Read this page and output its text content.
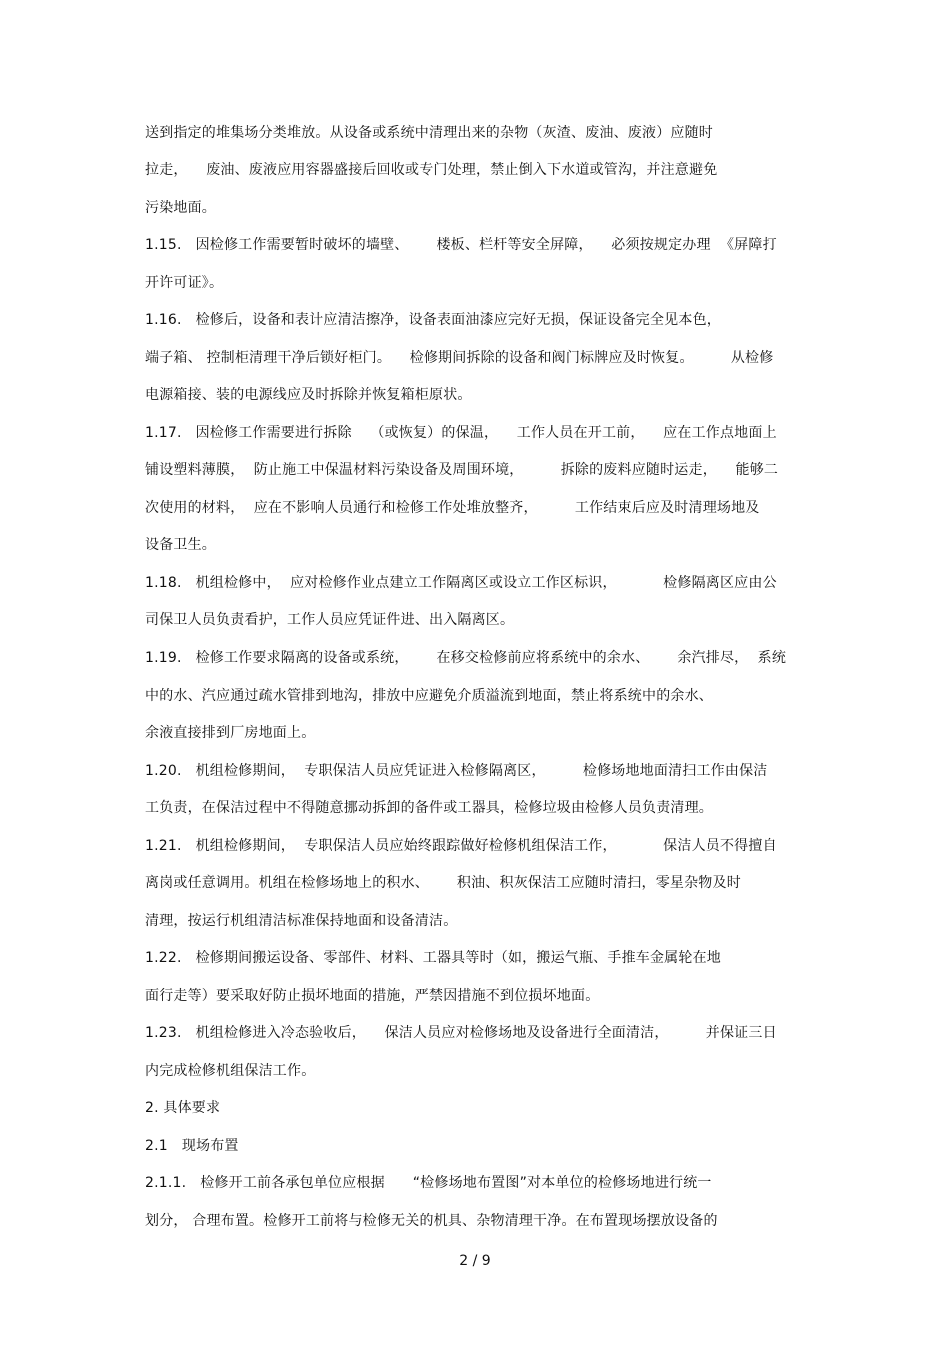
送到指定的堆集场分类堆放。从设备或系统中清理出来的杂物（灰渣、废油、废液）应随时
拉走，    废油、废液应用容器盛接后回收或专门处理，禁止倒入下水道或管沟，并注意避免
污染地面。
1.15.   因检修工作需要暂时破坏的墙壁、      楼板、栏杆等安全屏障，    必须按规定办理  《屏障打
开许可证》。
1.16.   检修后，设备和表计应清洁擦净，设备表面油漆应完好无损，保证设备完全见本色，
端子箱、 控制柜清理干净后锁好柜门。    检修期间拆除的设备和阀门标牌应及时恢复。        从检修
电源箱接、装的电源线应及时拆除并恢复箱柜原状。
1.17.   因检修工作需要进行拆除    （或恢复）的保温，    工作人员在开工前，    应在工作点地面上
铺设塑料薄膜，  防止施工中保温材料污染设备及周围环境，        拆除的废料应随时运走，    能够二
次使用的材料，  应在不影响人员通行和检修工作处堆放整齐，        工作结束后应及时清理场地及
设备卫生。
1.18.   机组检修中，  应对检修作业点建立工作隔离区或设立工作区标识，          检修隔离区应由公
司保卫人员负责看护，工作人员应凭证件进、出入隔离区。
1.19.   检修工作要求隔离的设备或系统，      在移交检修前应将系统中的余水、      余汽排尽，  系统
中的水、汽应通过疏水管排到地沟，排放中应避免介质溢流到地面，禁止将系统中的余水、
余液直接排到厂房地面上。
1.20.   机组检修期间，  专职保洁人员应凭证进入检修隔离区，        检修场地地面清扫工作由保洁
工负责，在保洁过程中不得随意挪动拆卸的备件或工器具，检修垃圾由检修人员负责清理。
1.21.   机组检修期间，  专职保洁人员应始终跟踪做好检修机组保洁工作，          保洁人员不得擅自
离岗或任意调用。机组在检修场地上的积水、      积油、积灰保洁工应随时清扫，零星杂物及时
清理，按运行机组清洁标准保持地面和设备清洁。
1.22.   检修期间搬运设备、零部件、材料、工器具等时（如，搬运气瓶、手推车金属轮在地
面行走等）要采取好防止损坏地面的措施，严禁因措施不到位损坏地面。
1.23.   机组检修进入冷态验收后，    保洁人员应对检修场地及设备进行全面清洁，        并保证三日
内完成检修机组保洁工作。
2. 具体要求
2.1   现场布置
2.1.1.   检修开工前各承包单位应根据      “检修场地布置图”对本单位的检修场地进行统一
划分， 合理布置。检修开工前将与检修无关的机具、杂物清理干净。在布置现场摆放设备的
2 / 9
